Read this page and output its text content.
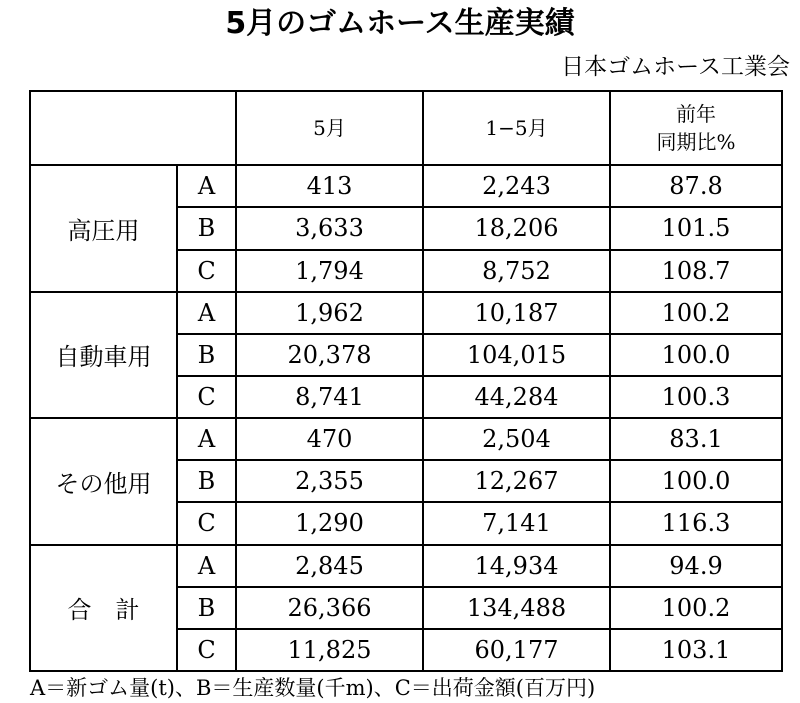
5月のゴムホース生産実績
日本ゴムホース工業会
		5月	1−5月	前年
同期比%

高圧用	A	413	2,243	87.8
	B	3,633	18,206	101.5
	C	1,794	8,752	108.7
自動車用	A	1,962	10,187	100.2
	B	20,378	104,015	100.0
	C	8,741	44,284	100.3
その他用	A	470	2,504	83.1
	B	2,355	12,267	100.0
	C	1,290	7,141	116.3
合　計	A	2,845	14,934	94.9
	B	26,366	134,488	100.2
	C	11,825	60,177	103.1
A＝新ゴム量(t)、B＝生産数量(千m)、C＝出荷金額(百万円)
